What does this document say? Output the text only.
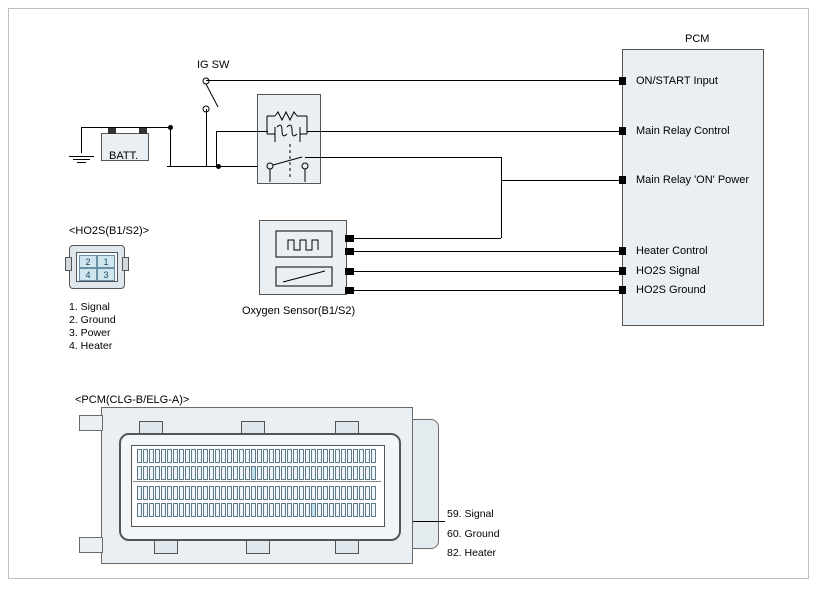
PCM
ON/START Input
Main Relay Control
Main Relay 'ON' Power
Heater Control
HO2S Signal
HO2S Ground
IG SW
BATT.
<HO2S(B1/S2)>
2	1
4	3
1. Signal
2. Ground
3. Power
4. Heater
Oxygen Sensor(B1/S2)
<PCM(CLG-B/ELG-A)>
59. Signal
60. Ground
82. Heater
